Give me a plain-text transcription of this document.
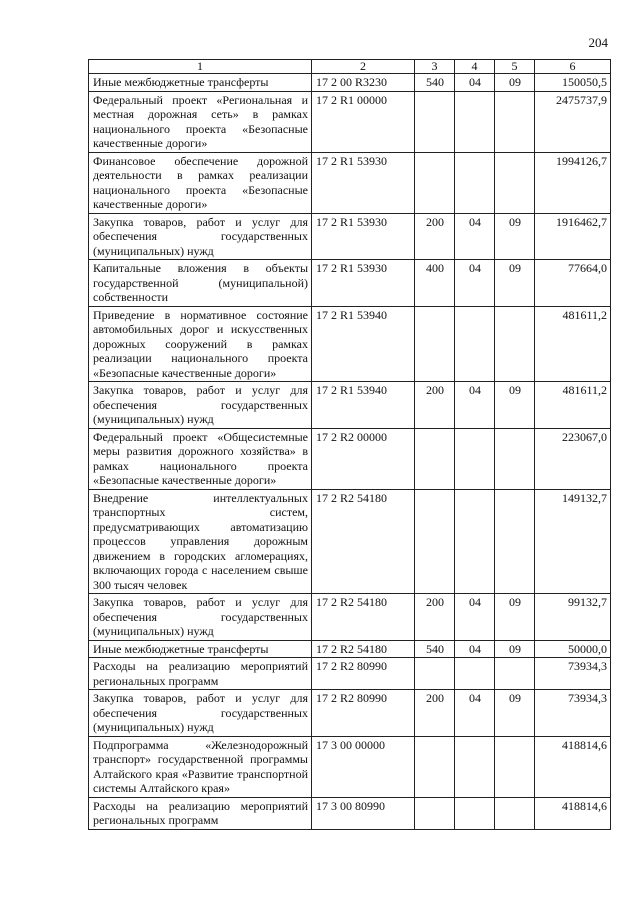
204
1	2	3	4	5	6
Иные межбюджетные трансферты	17 2 00 R3230	540	04	09	150050,5
Федеральный проект «Региональная и местная дорожная сеть» в рамках национального проекта «Безопасные качественные дороги»	17 2 R1 00000				2475737,9
Финансовое обеспечение дорожной деятельности в рамках реализации национального проекта «Безопасные качественные дороги»	17 2 R1 53930				1994126,7
Закупка товаров, работ и услуг для обеспечения государственных (муниципальных) нужд	17 2 R1 53930	200	04	09	1916462,7
Капитальные вложения в объекты государственной (муниципальной) собственности	17 2 R1 53930	400	04	09	77664,0
Приведение в нормативное состояние автомобильных дорог и искусственных дорожных сооружений в рамках реализации национального проекта «Безопасные качественные дороги»	17 2 R1 53940				481611,2
Закупка товаров, работ и услуг для обеспечения государственных (муниципальных) нужд	17 2 R1 53940	200	04	09	481611,2
Федеральный проект «Общесистемные меры развития дорожного хозяйства» в рамках национального проекта «Безопасные качественные дороги»	17 2 R2 00000				223067,0
Внедрение интеллектуальных транспортных систем, предусматривающих автоматизацию процессов управления дорожным движением в городских агломерациях, включающих города с населением свыше 300 тысяч человек	17 2 R2 54180				149132,7
Закупка товаров, работ и услуг для обеспечения государственных (муниципальных) нужд	17 2 R2 54180	200	04	09	99132,7
Иные межбюджетные трансферты	17 2 R2 54180	540	04	09	50000,0
Расходы на реализацию мероприятий региональных программ	17 2 R2 80990				73934,3
Закупка товаров, работ и услуг для обеспечения государственных (муниципальных) нужд	17 2 R2 80990	200	04	09	73934,3
Подпрограмма «Железнодорожный транспорт» государственной программы Алтайского края «Развитие транспортной системы Алтайского края»	17 3 00 00000				418814,6
Расходы на реализацию мероприятий региональных программ	17 3 00 80990				418814,6
